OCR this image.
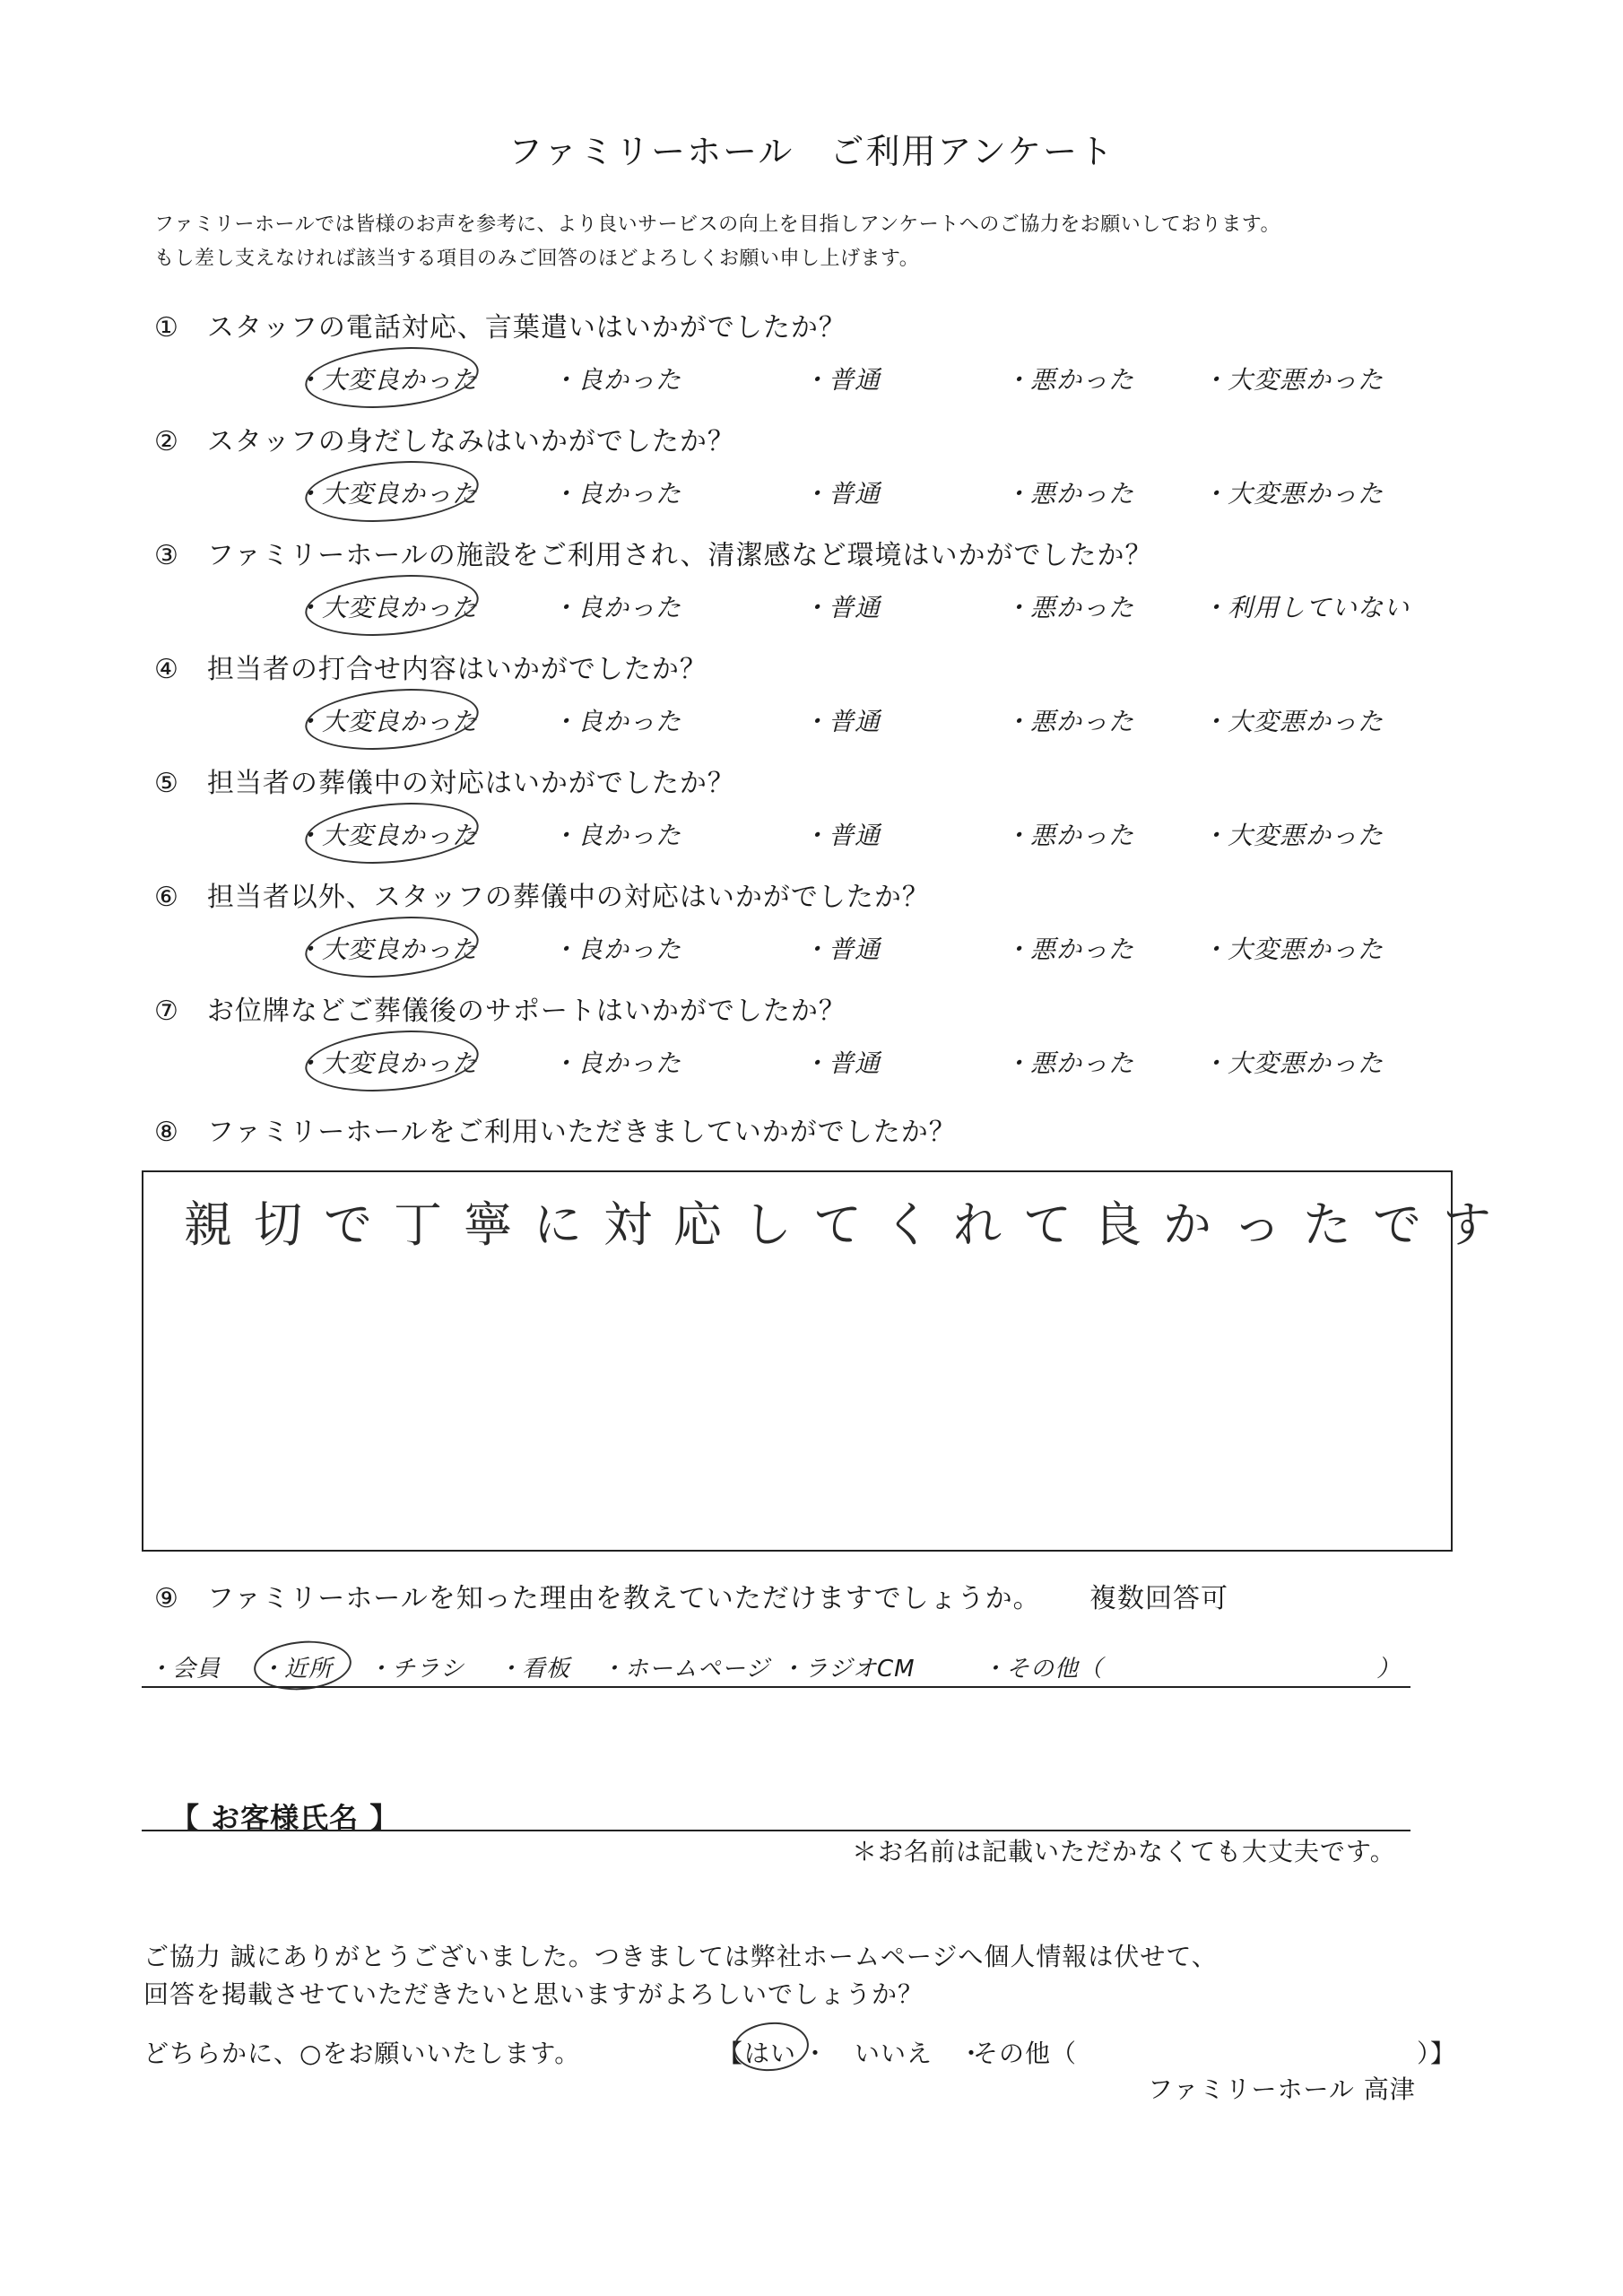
ファミリーホール　ご利用アンケート
ファミリーホールでは皆様のお声を参考に、より良いサービスの向上を目指しアンケートへのご協力をお願いしております。
もし差し支えなければ該当する項目のみご回答のほどよろしくお願い申し上げます。
①　スタッフの電話対応、言葉遣いはいかがでしたか？
・大変良かった	・良かった	・普通	・悪かった	・大変悪かった
②　スタッフの身だしなみはいかがでしたか？
・大変良かった	・良かった	・普通	・悪かった	・大変悪かった
③　ファミリーホールの施設をご利用され、清潔感など環境はいかがでしたか？
・大変良かった	・良かった	・普通	・悪かった	・利用していない
④　担当者の打合せ内容はいかがでしたか？
・大変良かった	・良かった	・普通	・悪かった	・大変悪かった
⑤　担当者の葬儀中の対応はいかがでしたか？
・大変良かった	・良かった	・普通	・悪かった	・大変悪かった
⑥　担当者以外、スタッフの葬儀中の対応はいかがでしたか？
・大変良かった	・良かった	・普通	・悪かった	・大変悪かった
⑦　お位牌などご葬儀後のサポートはいかがでしたか？
・大変良かった	・良かった	・普通	・悪かった	・大変悪かった
⑧　ファミリーホールをご利用いただきましていかがでしたか？
親切で丁寧に対応してくれて良かったです
⑨　ファミリーホールを知った理由を教えていただけますでしょうか。 複数回答可
・会員 ・近所 ・チラシ ・看板 ・ホームページ ・ラジオCM	・その他（	）
【 お客様氏名 】
＊お名前は記載いただかなくても大丈夫です。
ご協力 誠にありがとうございました。つきましては弊社ホームページへ個人情報は伏せて、
回答を掲載させていただきたいと思いますがよろしいでしょうか？
どちらかに、○をお願いいたします。	【 はい ・　いいえ　・
その他（	）】
ファミリーホール 高津
